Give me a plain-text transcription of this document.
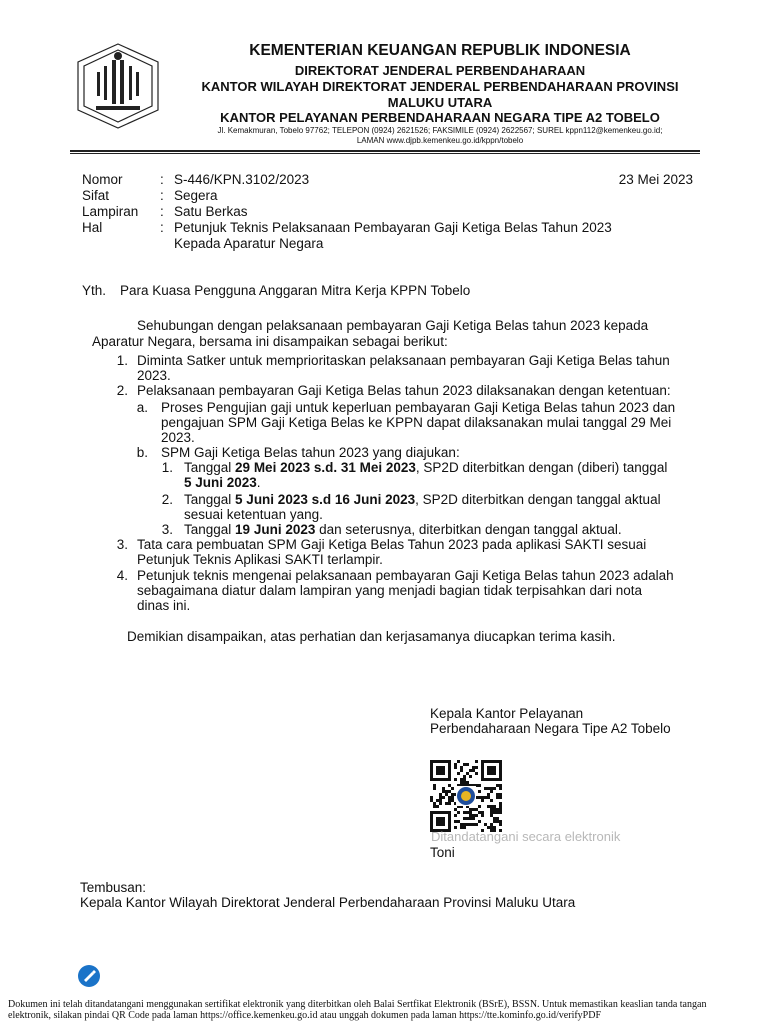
KEMENTERIAN KEUANGAN REPUBLIK INDONESIA
DIREKTORAT JENDERAL PERBENDAHARAAN
KANTOR WILAYAH DIREKTORAT JENDERAL PERBENDAHARAAN PROVINSI
MALUKU UTARA
KANTOR PELAYANAN PERBENDAHARAAN NEGARA TIPE A2 TOBELO
Jl. Kemakmuran, Tobelo 97762; TELEPON (0924) 2621526; FAKSIMILE (0924) 2622567; SUREL kppn112@kemenkeu.go.id;
LAMAN www.djpb.kemenkeu.go.id/kppn/tobelo
Nomor	: S-446/KPN.3102/2023	23 Mei 2023
Sifat	: Segera
Lampiran : Satu Berkas
Hal	: Petunjuk Teknis Pelaksanaan Pembayaran Gaji Ketiga Belas Tahun 2023
Kepada Aparatur Negara
Yth. Para Kuasa Pengguna Anggaran Mitra Kerja KPPN Tobelo
Sehubungan dengan pelaksanaan pembayaran Gaji Ketiga Belas tahun 2023 kepada
Aparatur Negara, bersama ini disampaikan sebagai berikut:
1. Diminta Satker untuk memprioritaskan pelaksanaan pembayaran Gaji Ketiga Belas tahun
2023.
2. Pelaksanaan pembayaran Gaji Ketiga Belas tahun 2023 dilaksanakan dengan ketentuan:
a. Proses Pengujian gaji untuk keperluan pembayaran Gaji Ketiga Belas tahun 2023 dan
pengajuan SPM Gaji Ketiga Belas ke KPPN dapat dilaksanakan mulai tanggal 29 Mei
2023.
b. SPM Gaji Ketiga Belas tahun 2023 yang diajukan:
1. Tanggal 29 Mei 2023 s.d. 31 Mei 2023, SP2D diterbitkan dengan (diberi) tanggal
5 Juni 2023.
2. Tanggal 5 Juni 2023 s.d 16 Juni 2023, SP2D diterbitkan dengan tanggal aktual
sesuai ketentuan yang.
3. Tanggal 19 Juni 2023 dan seterusnya, diterbitkan dengan tanggal aktual.
3. Tata cara pembuatan SPM Gaji Ketiga Belas Tahun 2023 pada aplikasi SAKTI sesuai
Petunjuk Teknis Aplikasi SAKTI terlampir.
4. Petunjuk teknis mengenai pelaksanaan pembayaran Gaji Ketiga Belas tahun 2023 adalah
sebagaimana diatur dalam lampiran yang menjadi bagian tidak terpisahkan dari nota
dinas ini.
Demikian disampaikan, atas perhatian dan kerjasamanya diucapkan terima kasih.
Kepala Kantor Pelayanan
Perbendaharaan Negara Tipe A2 Tobelo
Ditandatangani secara elektronik
Toni
Tembusan:
Kepala Kantor Wilayah Direktorat Jenderal Perbendaharaan Provinsi Maluku Utara
Dokumen ini telah ditandatangani menggunakan sertifikat elektronik yang diterbitkan oleh Balai Sertfikat Elektronik (BSrE), BSSN. Untuk memastikan keaslian tanda tangan
elektronik, silakan pindai QR Code pada laman https://office.kemenkeu.go.id atau unggah dokumen pada laman https://tte.kominfo.go.id/verifyPDF
